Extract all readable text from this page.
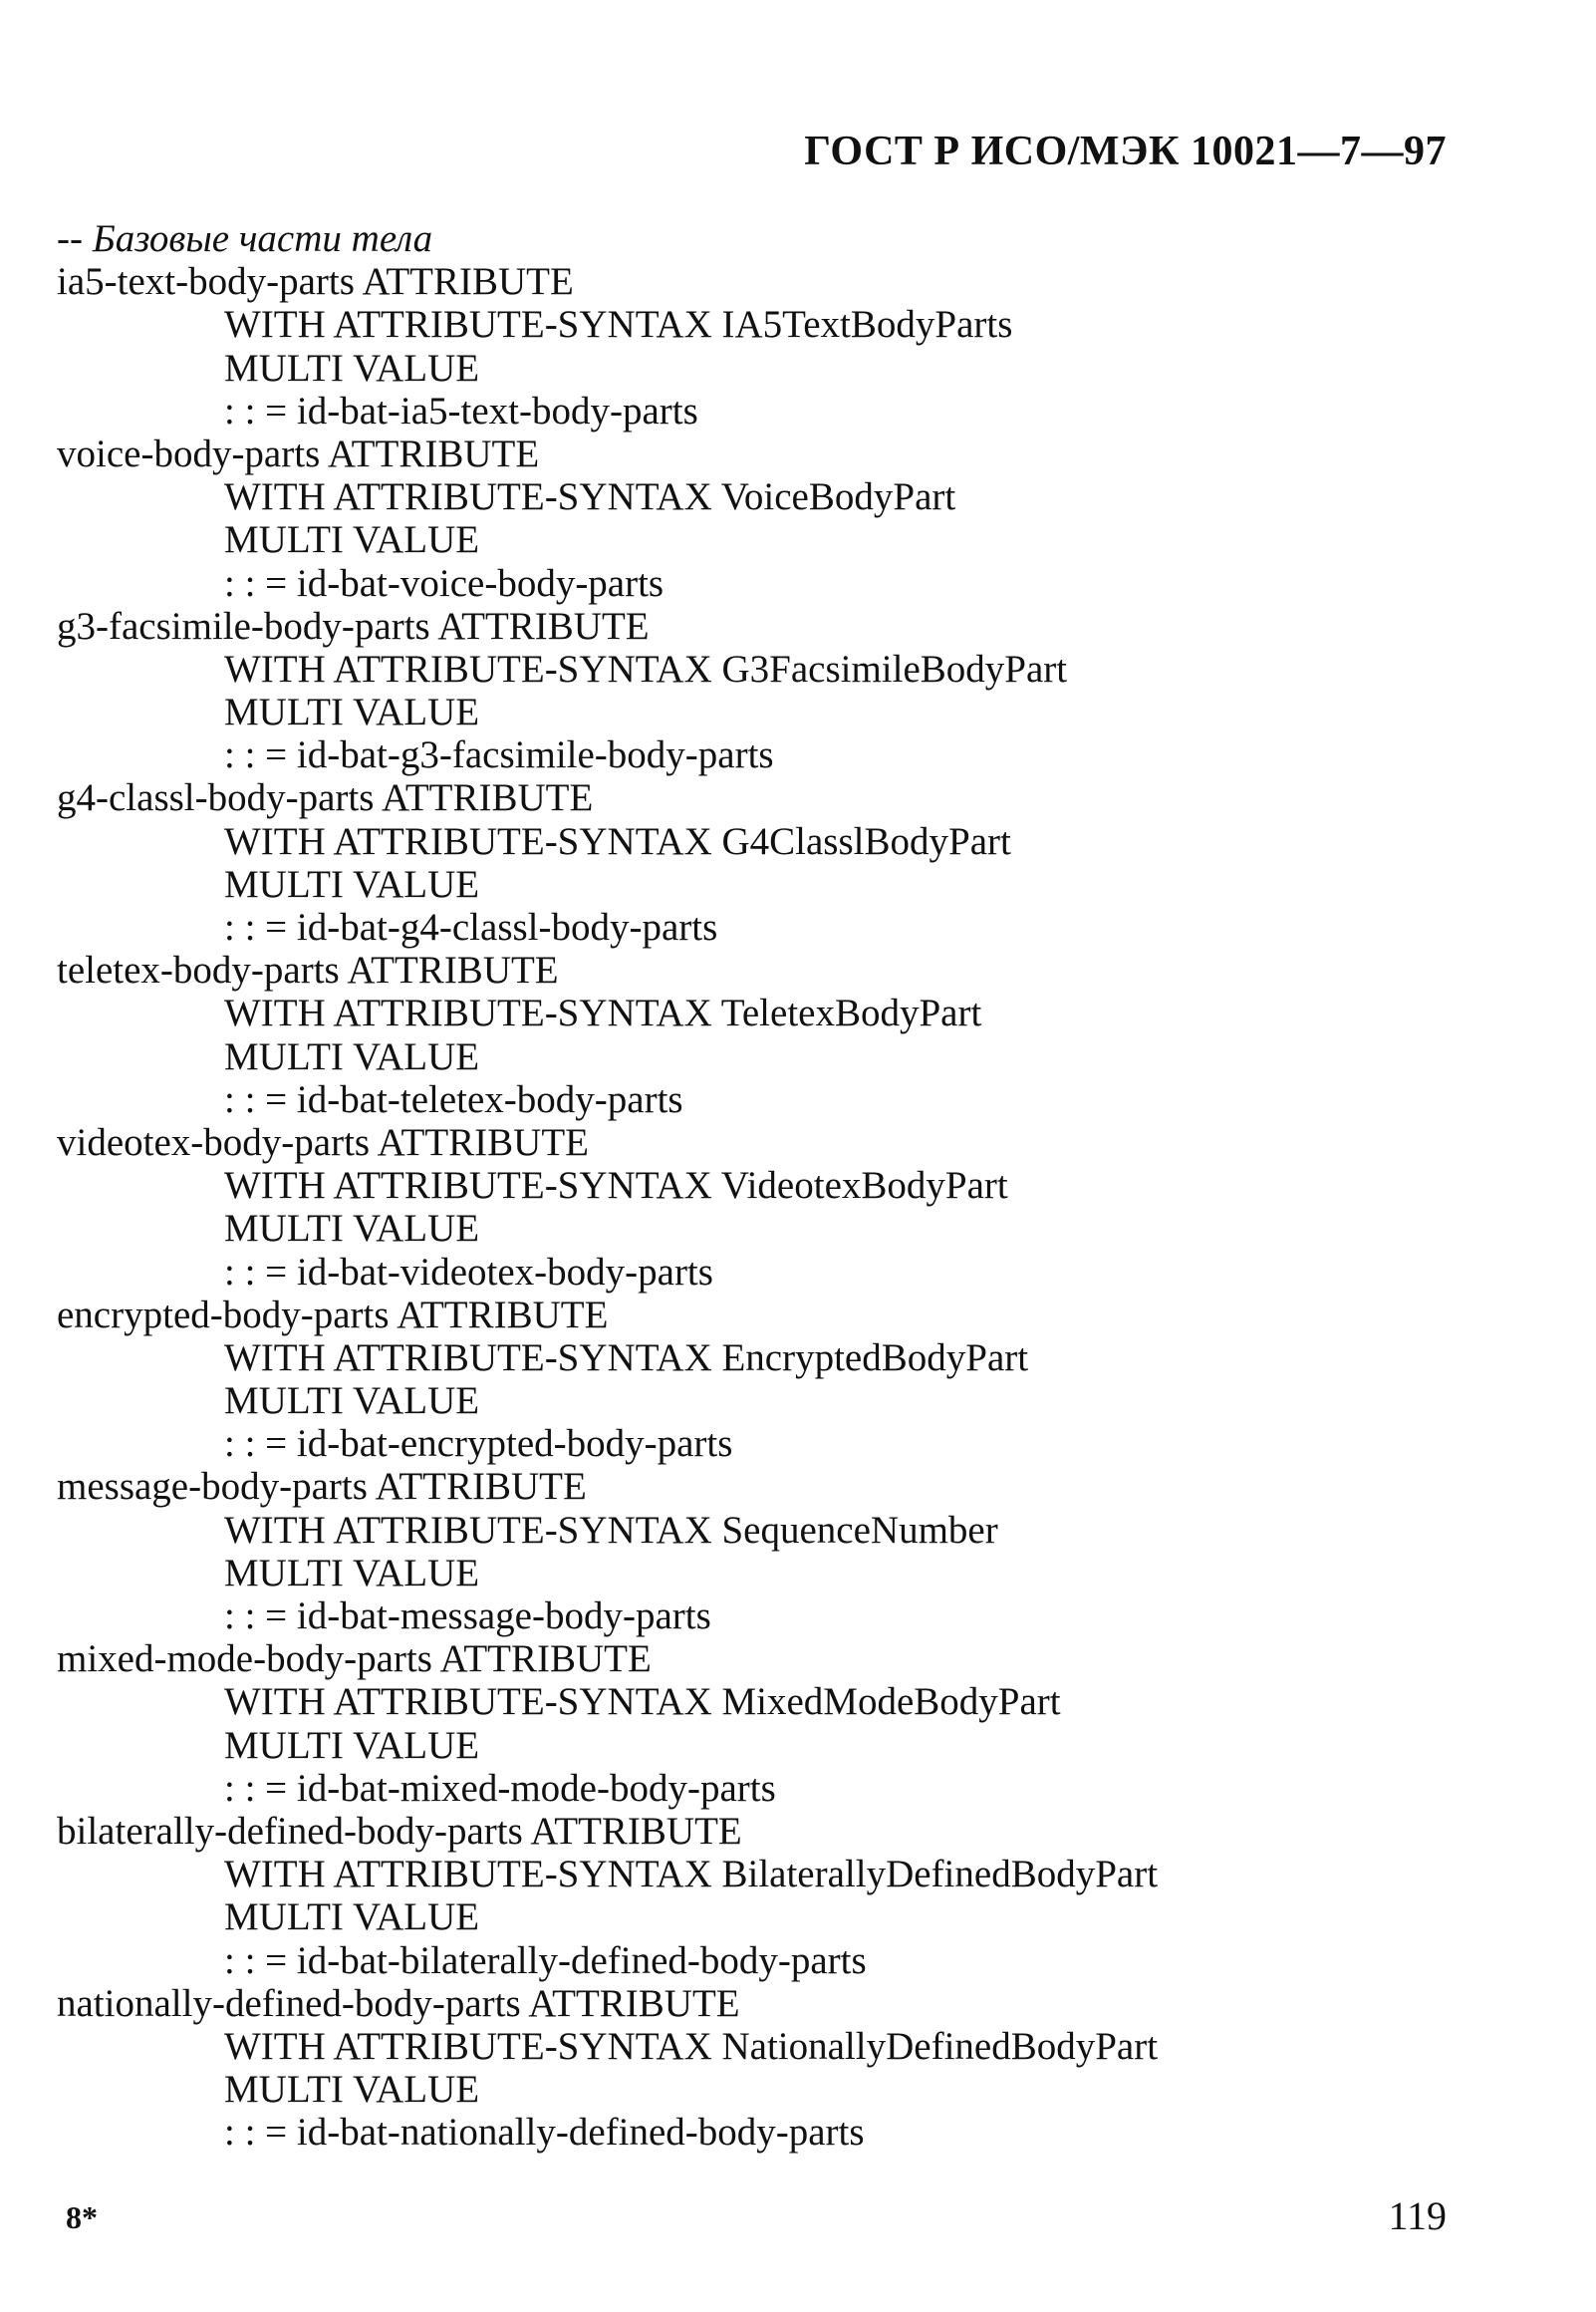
ГОСТ Р ИСО/МЭК 10021—7—97
-- Базовые части тела
ia5-text-body-parts ATTRIBUTE
WITH ATTRIBUTE-SYNTAX IA5TextBodyParts
MULTI VALUE
: : = id-bat-ia5-text-body-parts
voice-body-parts ATTRIBUTE
WITH ATTRIBUTE-SYNTAX VoiceBodyPart
MULTI VALUE
: : = id-bat-voice-body-parts
g3-facsimile-body-parts ATTRIBUTE
WITH ATTRIBUTE-SYNTAX G3FacsimileBodyPart
MULTI VALUE
: : = id-bat-g3-facsimile-body-parts
g4-classl-body-parts ATTRIBUTE
WITH ATTRIBUTE-SYNTAX G4ClasslBodyPart
MULTI VALUE
: : = id-bat-g4-classl-body-parts
teletex-body-parts ATTRIBUTE
WITH ATTRIBUTE-SYNTAX TeletexBodyPart
MULTI VALUE
: : = id-bat-teletex-body-parts
videotex-body-parts ATTRIBUTE
WITH ATTRIBUTE-SYNTAX VideotexBodyPart
MULTI VALUE
: : = id-bat-videotex-body-parts
encrypted-body-parts ATTRIBUTE
WITH ATTRIBUTE-SYNTAX EncryptedBodyPart
MULTI VALUE
: : = id-bat-encrypted-body-parts
message-body-parts ATTRIBUTE
WITH ATTRIBUTE-SYNTAX SequenceNumber
MULTI VALUE
: : = id-bat-message-body-parts
mixed-mode-body-parts ATTRIBUTE
WITH ATTRIBUTE-SYNTAX MixedModeBodyPart
MULTI VALUE
: : = id-bat-mixed-mode-body-parts
bilaterally-defined-body-parts ATTRIBUTE
WITH ATTRIBUTE-SYNTAX BilaterallyDefinedBodyPart
MULTI VALUE
: : = id-bat-bilaterally-defined-body-parts
nationally-defined-body-parts ATTRIBUTE
WITH ATTRIBUTE-SYNTAX NationallyDefinedBodyPart
MULTI VALUE
: : = id-bat-nationally-defined-body-parts
8*	119
